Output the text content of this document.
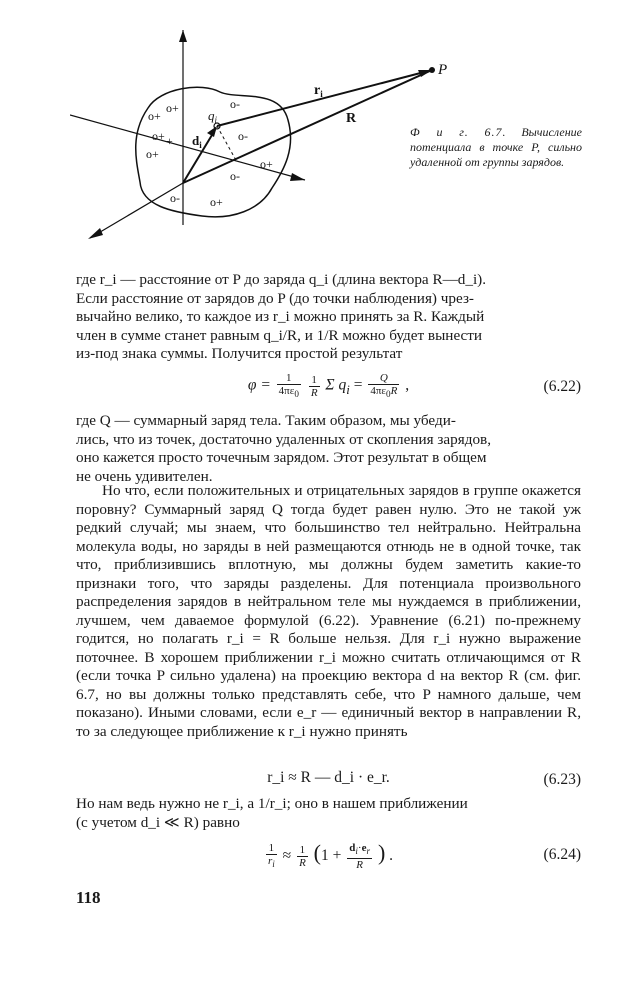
P
$r_i$
R
$q_i$
$d_i$
o+
o+
o+
o-
+	o-
o+
o-
o-
o+
o+
Ф и г. 6.7. Вычисление потенциала в точке P, сильно удаленной от группы зарядов.

где r_i — расстояние от P до заряда q_i (длина вектора R—d_i).

Если расстояние от зарядов до P (до точки наблюдения) чрез-

вычайно велико, то каждое из r_i можно принять за R. Каждый

член в сумме станет равным q_i/R, и 1/R можно будет вынести

из-под знака суммы. Получится простой результат

$\varphi = \frac{1}{4\pi\varepsilon_0}$
$\frac{1}{R}$ Σ $q_i = \frac{Q}{4\pi\varepsilon_0R}$ ,	(6.22)

где Q — суммарный заряд тела. Таким образом, мы убеди-

лись, что из точек, достаточно удаленных от скопления зарядов,

оно кажется просто точечным зарядом. Этот результат в общем

не очень удивителен.

Но что, если положительных и отрицательных зарядов в группе окажется поровну? Суммарный заряд Q тогда будет равен нулю. Это не такой уж редкий случай; мы знаем, что большинство тел нейтрально. Нейтральна молекула воды, но заряды в ней размещаются отнюдь не в одной точке, так что, приблизившись вплотную, мы должны будем заметить какие-то признаки того, что заряды разделены. Для потенциала произвольного распределения зарядов в нейтральном теле мы нуждаемся в приближении, лучшем, чем даваемое формулой (6.22). Уравнение (6.21) по-прежнему годится, но полагать r_i = R больше нельзя. Для r_i нужно выражение поточнее. В хорошем приближении r_i можно считать отличающимся от R (если точка P сильно удалена) на проекцию вектора d на вектор R (см. фиг. 6.7, но вы должны только представлять себе, что P намного дальше, чем показано). Иными словами, если e_r — единичный вектор в направлении R, то за следующее приближение к r_i нужно принять

r_i ≈ R — d_i · e_r.	(6.23)

Но нам ведь нужно не r_i, а 1/r_i; оно в нашем приближении

(с учетом d_i ≪ R) равно

$\frac{1}{r_i} \approx \frac{1}{R} (1 + \frac{d_i\cdot e_r}{R}$ ) .	(6.24)
118
